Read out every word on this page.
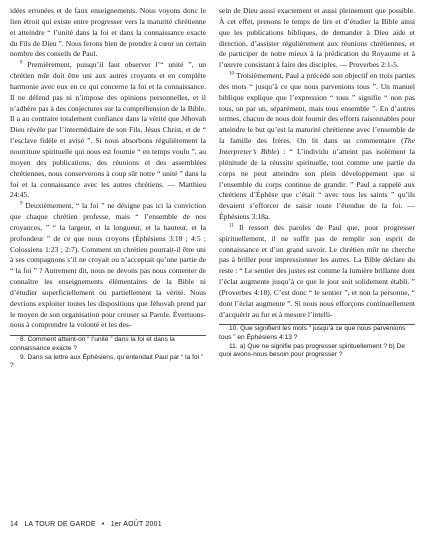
idées erronées et de faux enseignements. Nous voyons donc le lien étroit qui existe entre progresser vers la maturité chrétienne et atteindre “ l’unité dans la foi et dans la connaissance exacte du Fils de Dieu ”. Nous ferons bien de prendre à cœur un certain nombre des conseils de Paul.

$^8$ Premièrement, puisqu’il faut observer l’“ unité ”, un chrétien mûr doit être uni aux autres croyants et en complète harmonie avec eux en ce qui concerne la foi et la connaissance. Il ne défend pas ni n’impose des opinions personnelles, et il n’adhère pas à des conjectures sur la compréhension de la Bible. Il a au contraire totalement confiance dans la vérité que Jéhovah Dieu révèle par l’intermédiaire de son Fils, Jésus Christ, et de “ l’esclave fidèle et avisé ”. Si nous absorbons régulièrement la nourriture spirituelle qui nous est fournie “ en temps voulu ”, au moyen des publications, des réunions et des assemblées chrétiennes, nous conserverons à coup sûr notre “ unité ” dans la foi et la connaissance avec les autres chrétiens. — Matthieu 24:45.

$^9$ Deuxièmement, “ la foi ” ne désigne pas ici la conviction que chaque chrétien professe, mais “ l’ensemble de nos croyances, ” “ la largeur, et la longueur, et la hauteur, et la profondeur ” de ce que nous croyons (Éphésiens 3:18 ; 4:5 ; Colossiens 1:23 ; 2:7). Comment un chrétien pourrait-il être uni à ses compagnons s’il ne croyait ou n’acceptait qu’une partie de “ la foi ” ? Autrement dit, nous ne devons pas nous contenter de connaître les enseignements élémentaires de la Bible ni d’étudier superficiellement ou partiellement la vérité. Nous devrions exploiter toutes les dispositions que Jéhovah prend par le moyen de son organisation pour creuser sa Parole. Évertuons-nous à comprendre la volonté et les des-

8. Comment atteint-on “ l’unité ” dans la foi et dans la connaissance exacte ?

9. Dans sa lettre aux Éphésiens, qu’entendait Paul par “ la foi ” ?

sein de Dieu aussi exactement et aussi pleinement que possible. À cet effet, prenons le temps de lire et d’étudier la Bible ainsi que les publications bibliques, de demander à Dieu aide et direction, d’assister régulièrement aux réunions chrétiennes, et de participer de notre mieux à la prédication du Royaume et à l’œuvre consistant à faire des disciples. — Proverbes 2:1-5.

$^{10}$ Troisièmement, Paul a précédé son objectif en trois parties des mots “ jusqu’à ce que nous parvenions tous ”. Un manuel biblique explique que l’expression “ tous ” signifie “ non pas tous, un par un, séparément, mais tous ensemble ”. En d’autres termes, chacun de nous doit fournir des efforts raisonnables pour atteindre le but qu’est la maturité chrétienne avec l’ensemble de la famille des frères. On lit dans un commentaire (The Interpreter’s Bible) : “ L’individu n’atteint pas isolément la plénitude de la réussite spirituelle, tout comme une partie du corps ne peut atteindre son plein développement que si l’ensemble du corps continue de grandir. ” Paul a rappelé aux chrétiens d’Éphèse que c’était “ avec tous les saints ” qu’ils devaient s’efforcer de saisir toute l’étendue de la foi. — Éphésiens 3:18a.

$^{11}$ Il ressort des paroles de Paul que, pour progresser spirituellement, il ne suffit pas de remplir son esprit de connaissance et d’un grand savoir. Le chrétien mûr ne cherche pas à briller pour impressionner les autres. La Bible déclare du reste : “ Le sentier des justes est comme la lumière brillante dont l’éclat augmente jusqu’à ce que le jour soit solidement établi. ” (Proverbes 4:18). C’est donc “ le sentier ”, et non la personne, “ dont l’éclat augmente ”. Si nous nous efforçons continuellement d’acquérir au fur et à mesure l’intelli-

10. Que signifient les mots “ jusqu’à ce que nous parvenions tous ” en Éphésiens 4:13 ?

11. a) Que ne signifie pas progresser spirituellement ? b) De quoi avons-nous besoin pour progresser ?

14 LA TOUR DE GARDE • 1er AOÛT 2001
